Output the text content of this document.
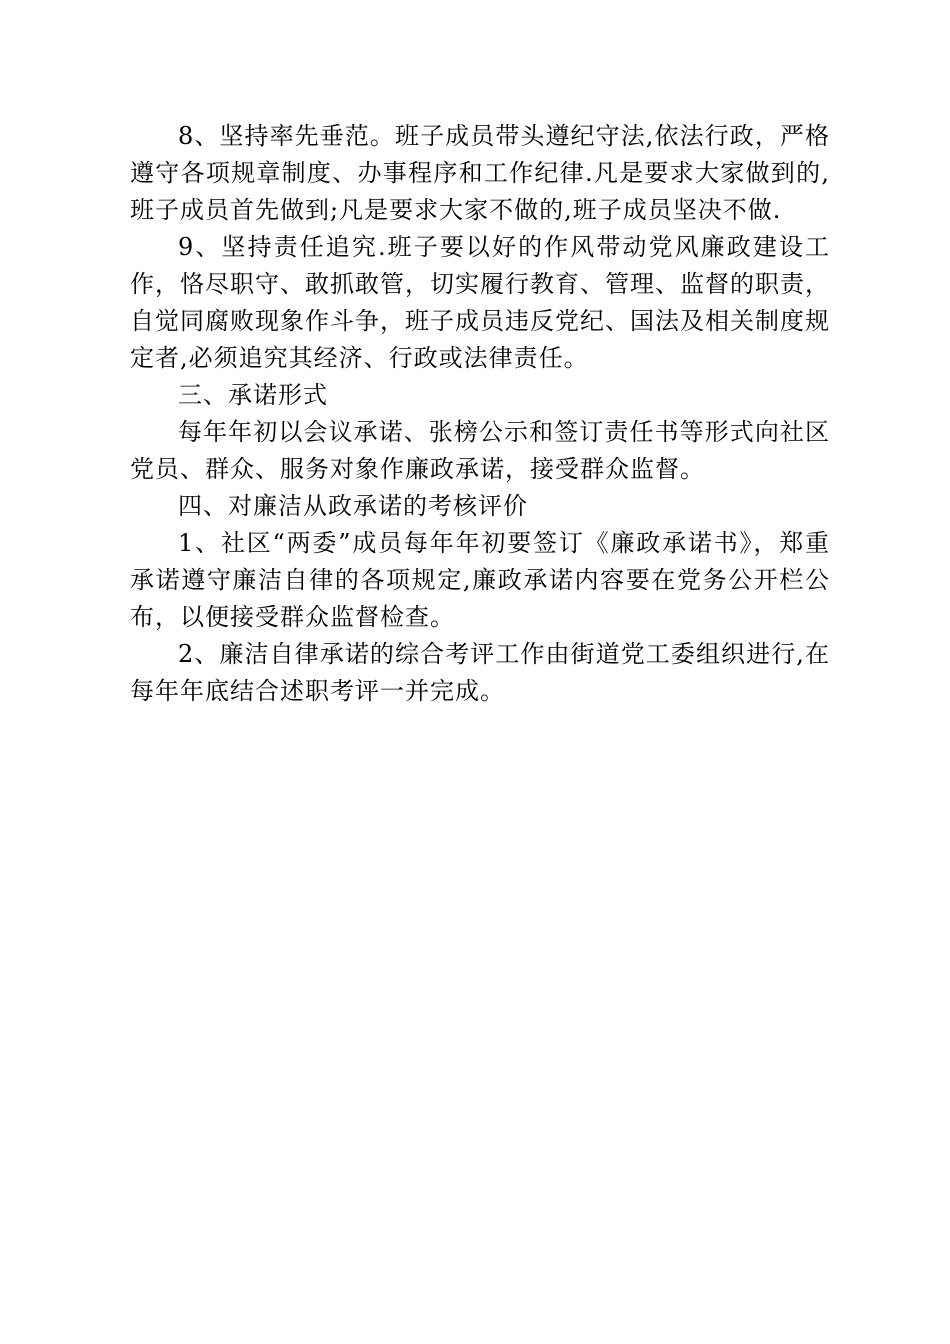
8、坚持率先垂范。班子成员带头遵纪守法,依法行政，严格遵守各项规章制度、办事程序和工作纪律.凡是要求大家做到的,班子成员首先做到;凡是要求大家不做的,班子成员坚决不做.

9、坚持责任追究.班子要以好的作风带动党风廉政建设工作，恪尽职守、敢抓敢管，切实履行教育、管理、监督的职责，自觉同腐败现象作斗争，班子成员违反党纪、国法及相关制度规定者,必须追究其经济、行政或法律责任。

三、承诺形式

每年年初以会议承诺、张榜公示和签订责任书等形式向社区党员、群众、服务对象作廉政承诺，接受群众监督。

四、对廉洁从政承诺的考核评价

1、社区“两委”成员每年年初要签订《廉政承诺书》，郑重承诺遵守廉洁自律的各项规定,廉政承诺内容要在党务公开栏公布，以便接受群众监督检查。

2、廉洁自律承诺的综合考评工作由街道党工委组织进行,在每年年底结合述职考评一并完成。
